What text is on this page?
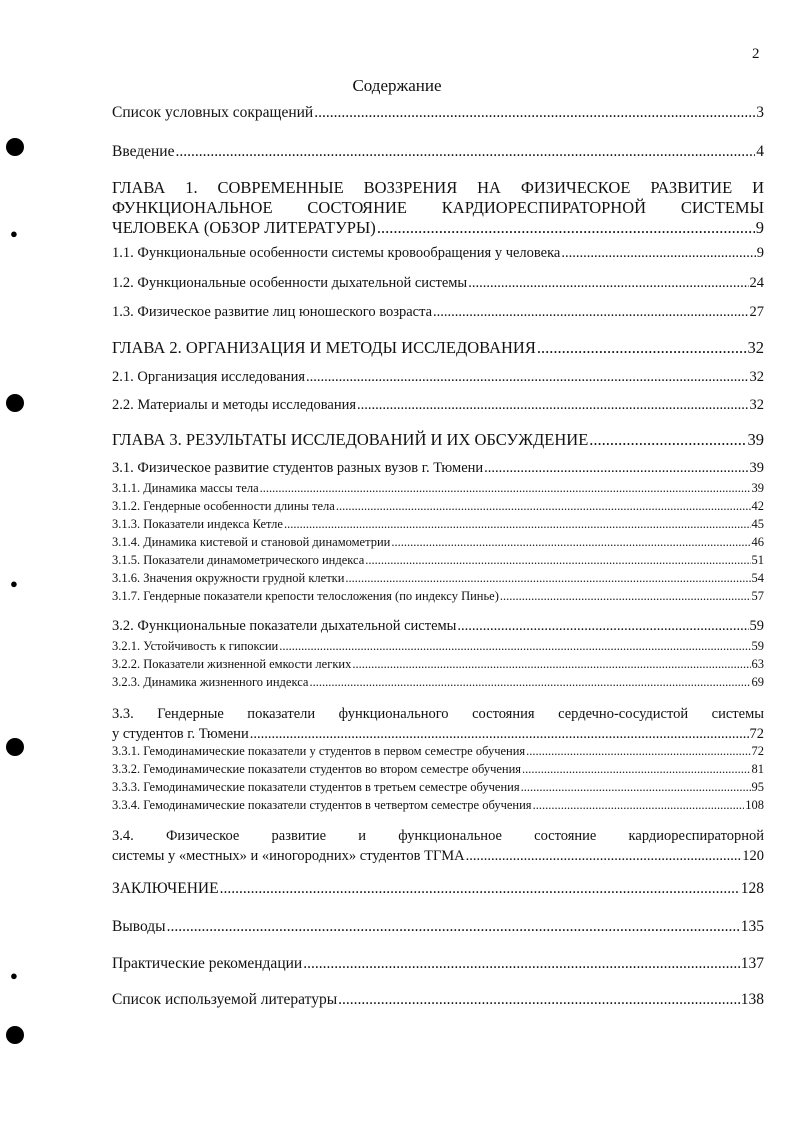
2
Содержание
●
●
●
Список условных сокращений .....	3
Введение .....	4
ГЛАВА 1. СОВРЕМЕННЫЕ ВОЗЗРЕНИЯ НА ФИЗИЧЕСКОЕ РАЗВИТИЕ И
ФУНКЦИОНАЛЬНОЕ СОСТОЯНИЕ КАРДИОРЕСПИРАТОРНОЙ СИСТЕМЫ
ЧЕЛОВЕКА (ОБЗОР ЛИТЕРАТУРЫ) .....	9
1.1. Функциональные особенности системы кровообращения у человека .....	9
1.2. Функциональные особенности дыхательной системы .....	24
1.3. Физическое развитие лиц юношеского возраста .....	27
ГЛАВА 2. ОРГАНИЗАЦИЯ И МЕТОДЫ ИССЛЕДОВАНИЯ .....	32
2.1. Организация исследования .....	32
2.2. Материалы и методы исследования .....	32
ГЛАВА 3. РЕЗУЛЬТАТЫ ИССЛЕДОВАНИЙ И ИХ ОБСУЖДЕНИЕ .....	39
3.1. Физическое развитие студентов разных вузов г. Тюмени .....	39
3.1.1. Динамика массы тела .....	39
3.1.2. Гендерные особенности длины тела .....	42
3.1.3. Показатели индекса Кетле .....	45
3.1.4. Динамика кистевой и становой динамометрии .....	46
3.1.5. Показатели динамометрического индекса .....	51
3.1.6. Значения окружности грудной клетки .....	54
3.1.7. Гендерные показатели крепости телосложения (по индексу Пинье) .....	57
3.2. Функциональные показатели дыхательной системы .....	59
3.2.1. Устойчивость к гипоксии .....	59
3.2.2. Показатели жизненной емкости легких .....	63
3.2.3. Динамика жизненного индекса .....	69
3.3. Гендерные показатели функционального состояния сердечно-сосудистой системы
у студентов г. Тюмени .....	72
3.3.1. Гемодинамические показатели у студентов в первом семестре обучения .....	72
3.3.2. Гемодинамические показатели студентов во втором семестре обучения .....	81
3.3.3. Гемодинамические показатели студентов в третьем семестре обучения .....	95
3.3.4. Гемодинамические показатели студентов в четвертом семестре обучения .....	108
3.4. Физическое развитие и функциональное состояние кардиореспираторной
системы у «местных» и «иногородних» студентов ТГМА .....	120
ЗАКЛЮЧЕНИЕ .....	128
Выводы .....	135
Практические рекомендации .....	137
Список используемой литературы .....	138
